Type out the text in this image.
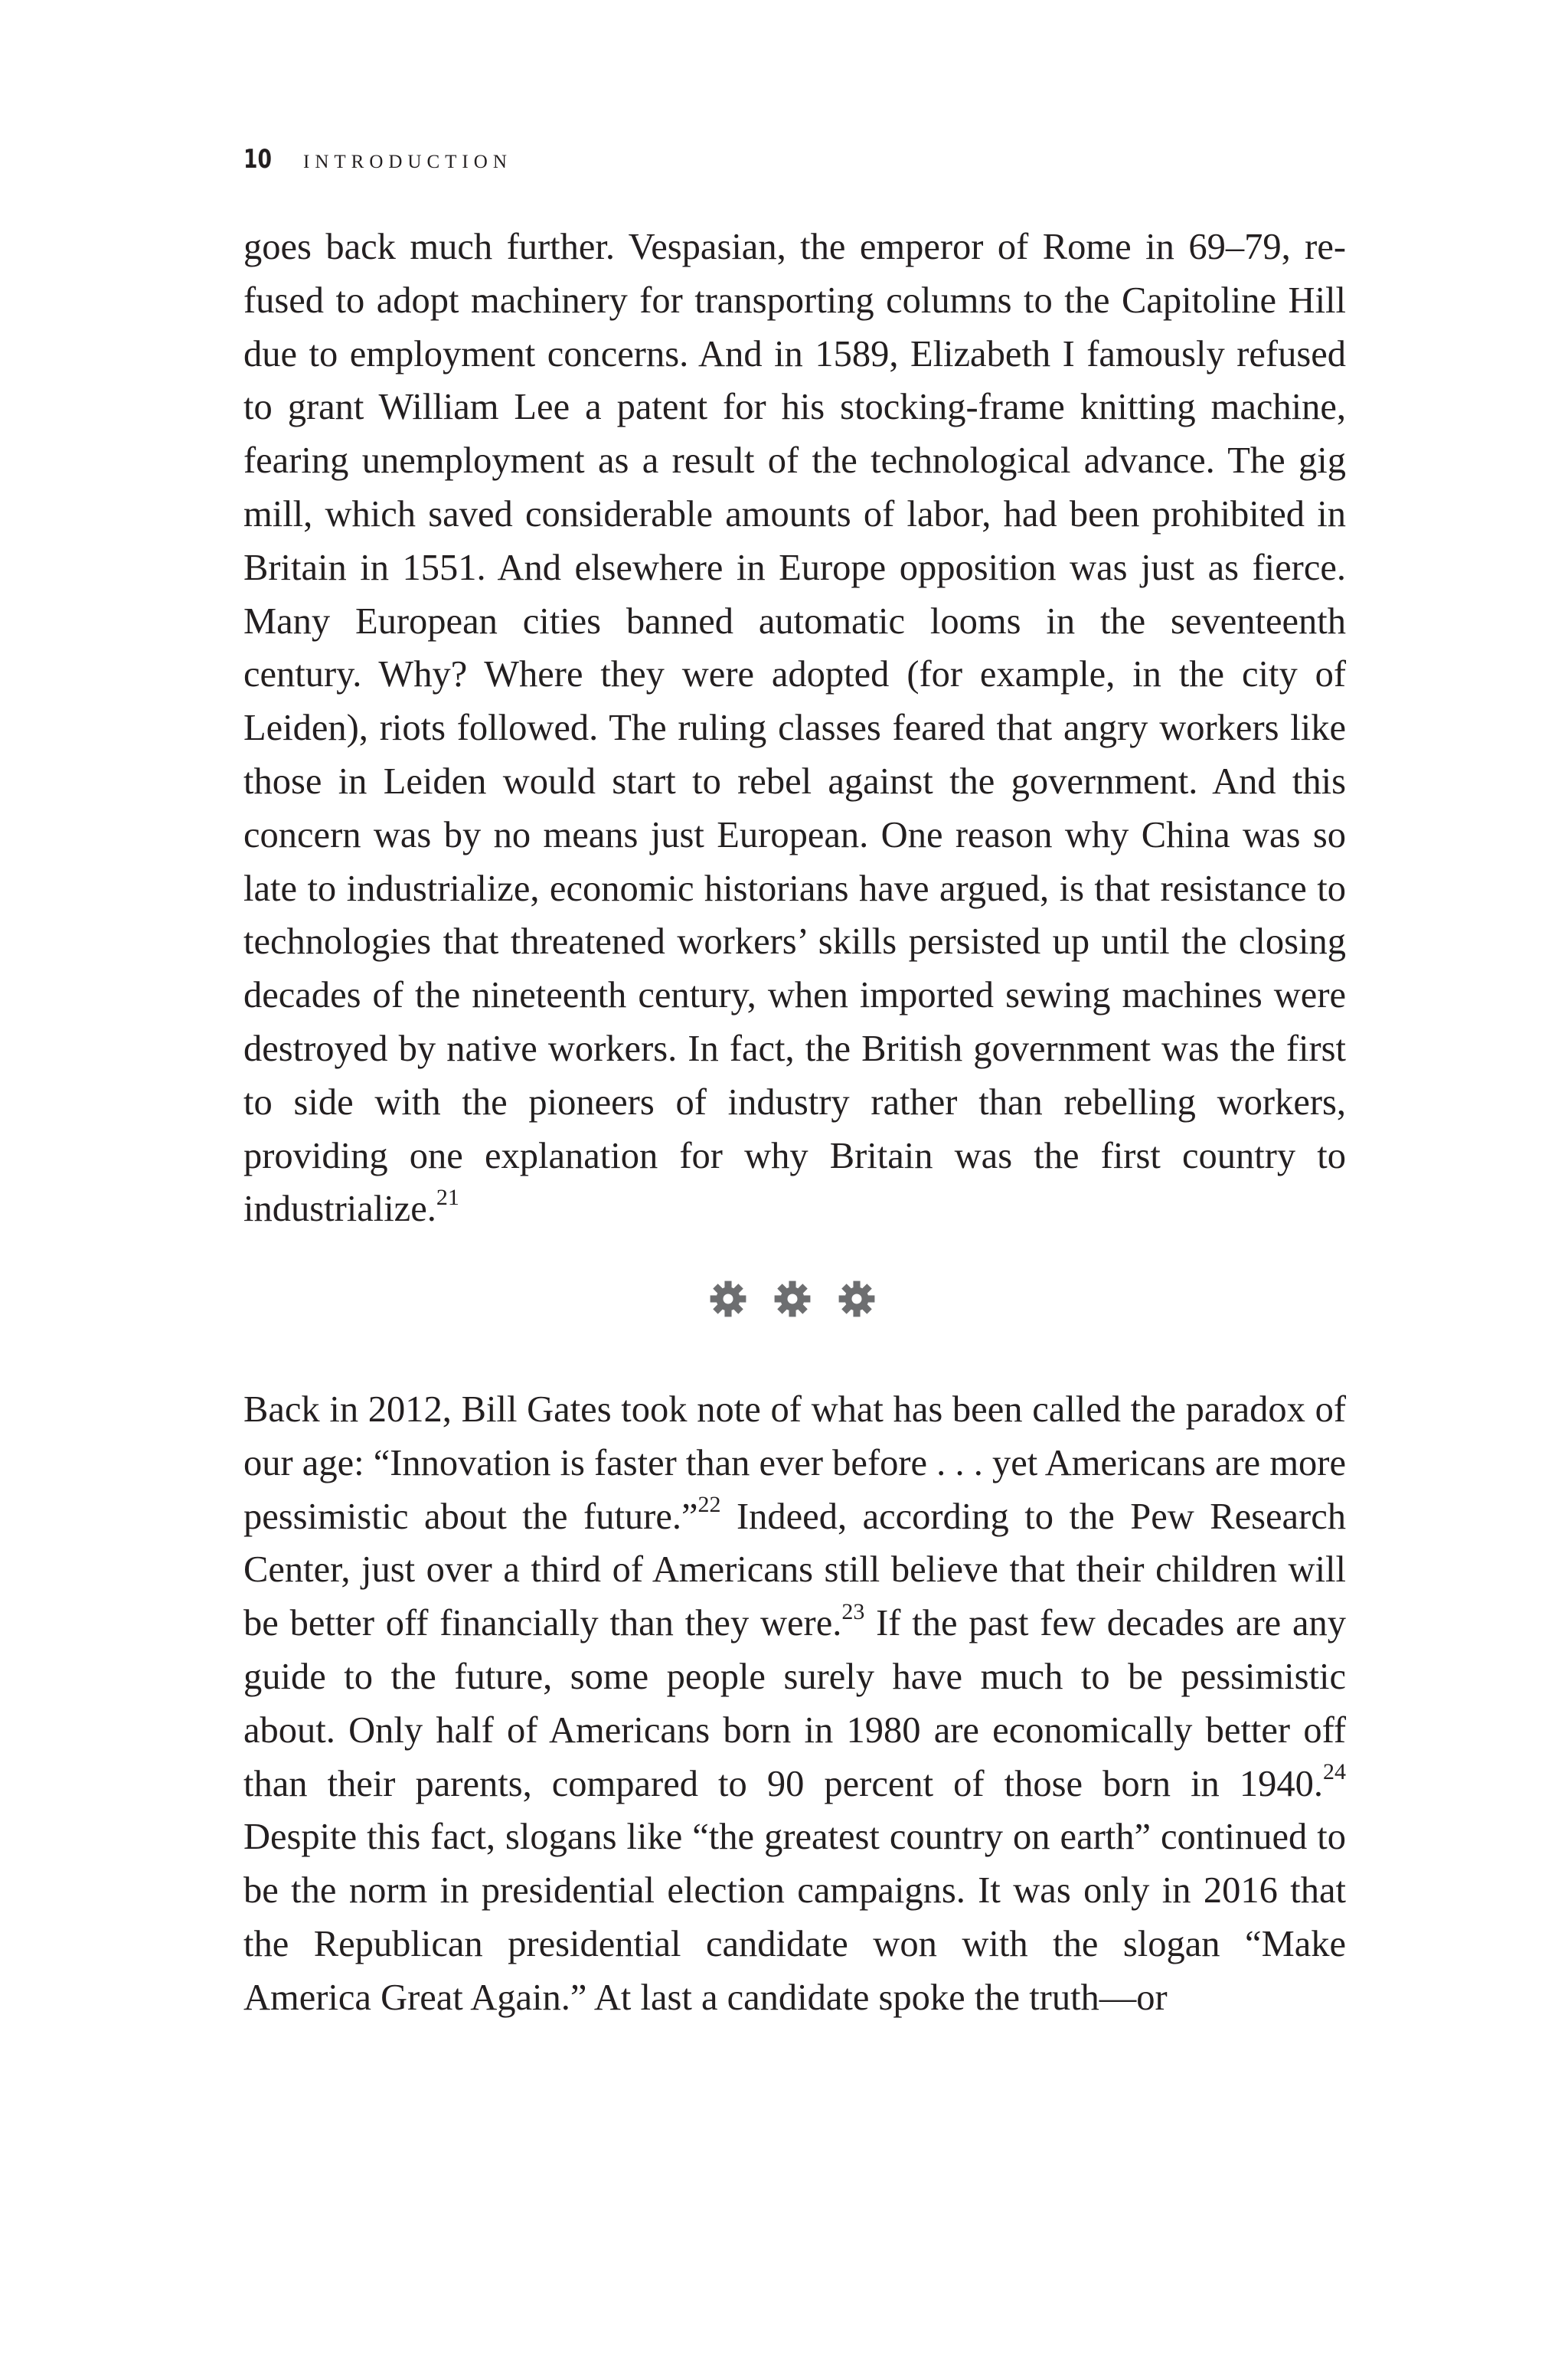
10 INTRODUCTION

goes back much further. Vespasian, the emperor of Rome in 69–79, refused to adopt machinery for transporting columns to the Capitoline Hill due to employment concerns. And in 1589, Elizabeth I famously refused to grant William Lee a patent for his stocking-frame knitting machine, fearing unemployment as a result of the technological advance. The gig mill, which saved considerable amounts of labor, had been prohibited in Britain in 1551. And elsewhere in Europe opposition was just as fierce. Many European cities banned automatic looms in the seventeenth century. Why? Where they were adopted (for example, in the city of Leiden), riots followed. The ruling classes feared that angry workers like those in Leiden would start to rebel against the government. And this concern was by no means just European. One reason why China was so late to industrialize, economic historians have argued, is that resistance to technologies that threatened workers’ skills persisted up until the closing decades of the nineteenth century, when imported sewing machines were destroyed by native workers. In fact, the British government was the first to side with the pioneers of industry rather than rebelling workers, providing one explanation for why Britain was the first country to industrialize.$^{21}$

Back in 2012, Bill Gates took note of what has been called the paradox of our age: “Innovation is faster than ever before . . . yet Americans are more pessimistic about the future.”$^{22}$ Indeed, according to the Pew Research Center, just over a third of Americans still believe that their children will be better off financially than they were.$^{23}$ If the past few decades are any guide to the future, some people surely have much to be pessimistic about. Only half of Americans born in 1980 are economically better off than their parents, compared to 90 percent of those born in 1940.24 Despite this fact, slogans like “the greatest country on earth” continued to be the norm in presidential election campaigns. It was only in 2016 that the Republican presidential candidate won with the slogan “Make America Great Again.” At last a candidate spoke the truth—or
